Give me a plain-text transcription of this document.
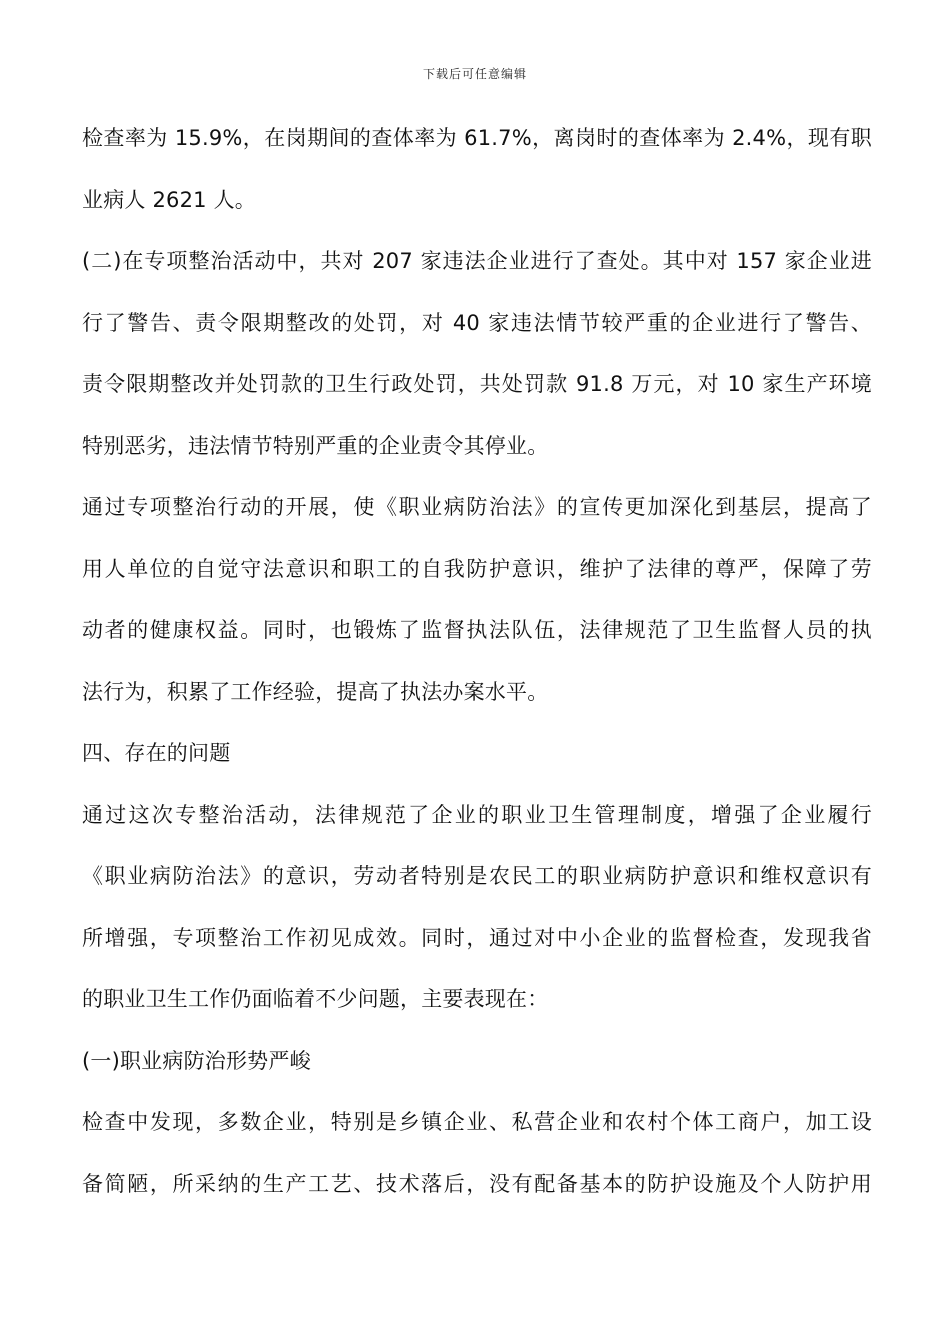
下载后可任意编辑
检查率为 15.9%，在岗期间的查体率为 61.7%，离岗时的查体率为 2.4%，现有职
业病人 2621 人。
(二)在专项整治活动中，共对 207 家违法企业进行了查处。其中对 157 家企业进
行了警告、责令限期整改的处罚，对 40 家违法情节较严重的企业进行了警告、
责令限期整改并处罚款的卫生行政处罚，共处罚款 91.8 万元，对 10 家生产环境
特别恶劣，违法情节特别严重的企业责令其停业。
通过专项整治行动的开展，使《职业病防治法》的宣传更加深化到基层，提高了
用人单位的自觉守法意识和职工的自我防护意识，维护了法律的尊严，保障了劳
动者的健康权益。同时，也锻炼了监督执法队伍，法律规范了卫生监督人员的执
法行为，积累了工作经验，提高了执法办案水平。
四、存在的问题
通过这次专整治活动，法律规范了企业的职业卫生管理制度，增强了企业履行
《职业病防治法》的意识，劳动者特别是农民工的职业病防护意识和维权意识有
所增强，专项整治工作初见成效。同时，通过对中小企业的监督检查，发现我省
的职业卫生工作仍面临着不少问题，主要表现在：
(一)职业病防治形势严峻
检查中发现，多数企业，特别是乡镇企业、私营企业和农村个体工商户，加工设
备简陋，所采纳的生产工艺、技术落后，没有配备基本的防护设施及个人防护用
